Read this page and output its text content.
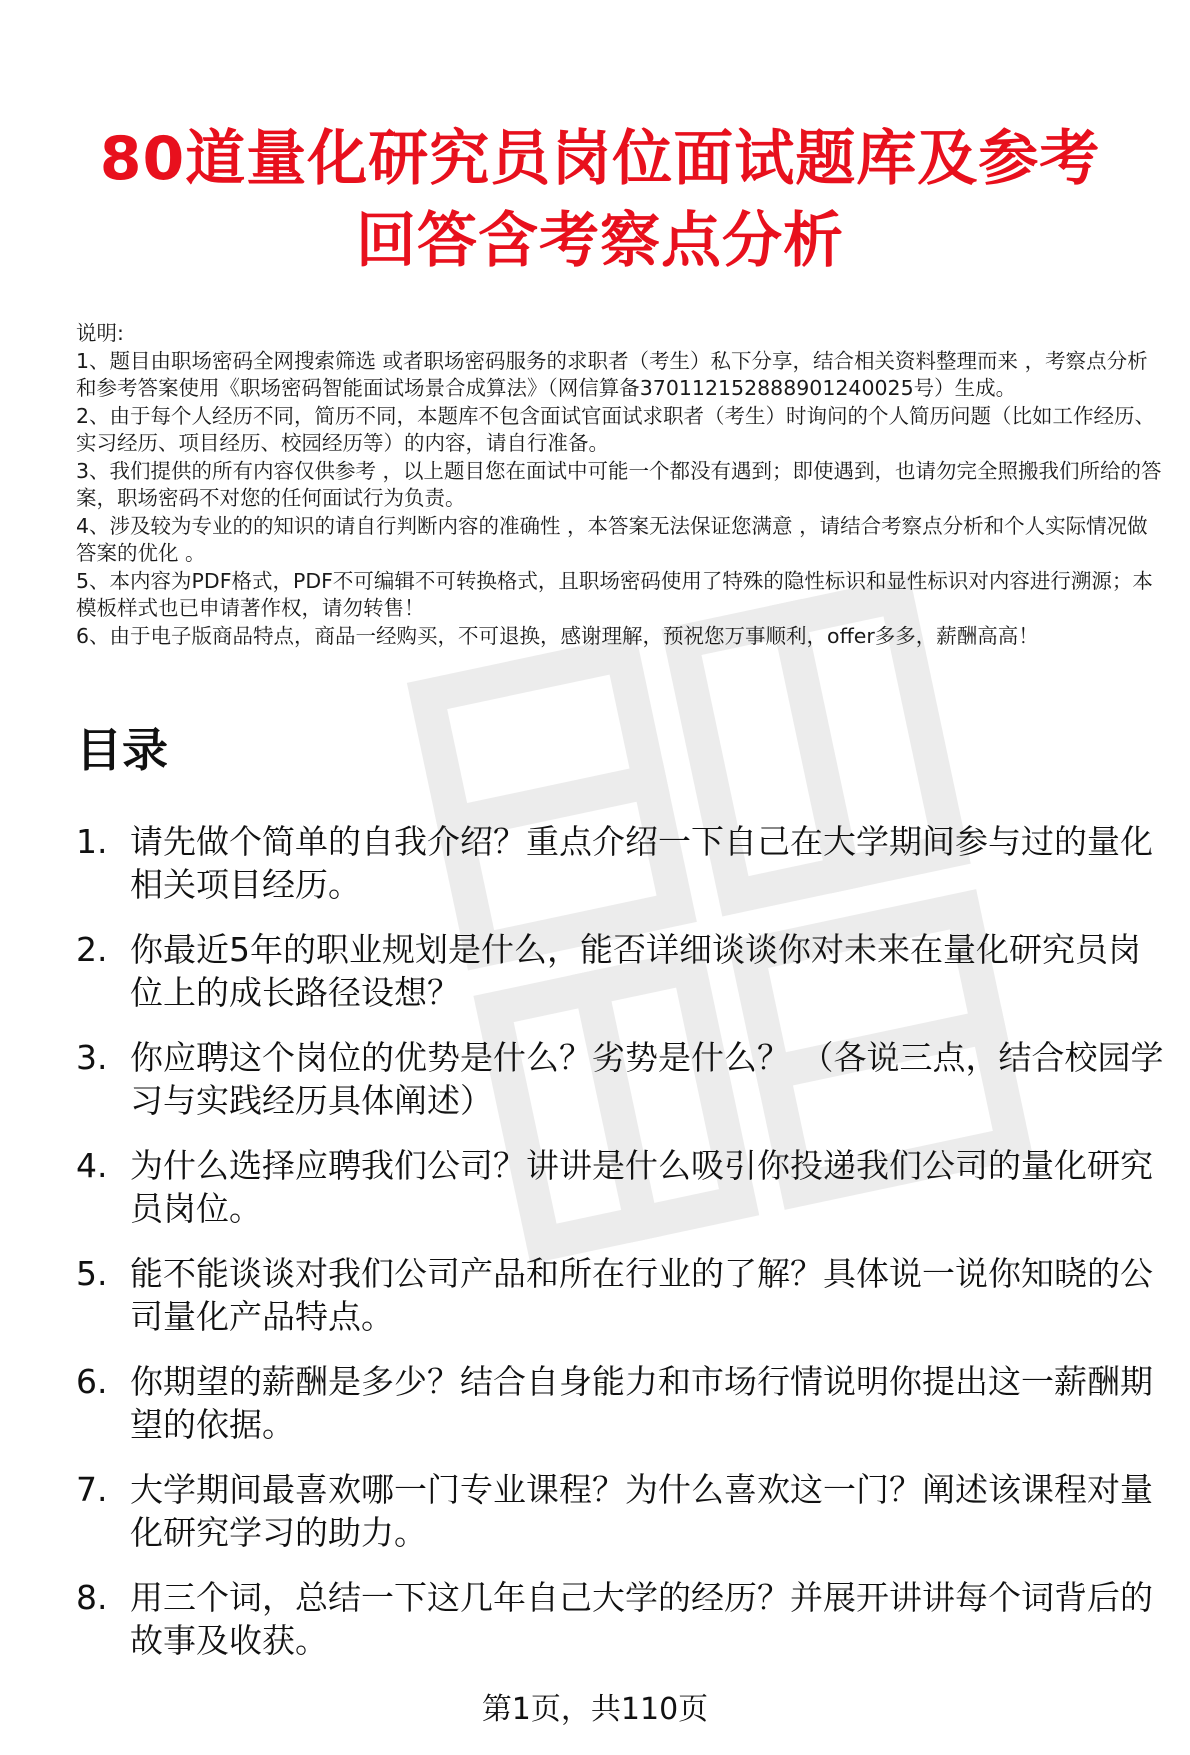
80道量化研究员岗位面试题库及参考回答含考察点分析

说明:

1、题目由职场密码全网搜索筛选 或者职场密码服务的求职者（考生）私下分享，结合相关资料整理而来 ，考察点分析和参考答案使用《职场密码智能面试场景合成算法》（网信算备370112152888901240025号）生成。

2、由于每个人经历不同，简历不同，本题库不包含面试官面试求职者（考生）时询问的个人简历问题（比如工作经历、实习经历、项目经历、校园经历等）的内容，请自行准备。

3、我们提供的所有内容仅供参考 ，以上题目您在面试中可能一个都没有遇到；即使遇到，也请勿完全照搬我们所给的答案，职场密码不对您的任何面试行为负责。

4、涉及较为专业的的知识的请自行判断内容的准确性 ，本答案无法保证您满意 ，请结合考察点分析和个人实际情况做答案的优化 。

5、本内容为PDF格式，PDF不可编辑不可转换格式，且职场密码使用了特殊的隐性标识和显性标识对内容进行溯源；本模板样式也已申请著作权，请勿转售！

6、由于电子版商品特点，商品一经购买，不可退换，感谢理解，预祝您万事顺利，offer多多，薪酬高高！

目录
1. 请先做个简单的自我介绍？重点介绍一下自己在大学期间参与过的量化相关项目经历。
2. 你最近5年的职业规划是什么，能否详细谈谈你对未来在量化研究员岗位上的成长路径设想？
3. 你应聘这个岗位的优势是什么？劣势是什么？ （各说三点，结合校园学习与实践经历具体阐述）
4. 为什么选择应聘我们公司？讲讲是什么吸引你投递我们公司的量化研究员岗位。
5. 能不能谈谈对我们公司产品和所在行业的了解？具体说一说你知晓的公司量化产品特点。
6. 你期望的薪酬是多少？结合自身能力和市场行情说明你提出这一薪酬期望的依据。
7. 大学期间最喜欢哪一门专业课程？为什么喜欢这一门？阐述该课程对量化研究学习的助力。
8. 用三个词，总结一下这几年自己大学的经历？并展开讲讲每个词背后的故事及收获。
第1页，共110页
